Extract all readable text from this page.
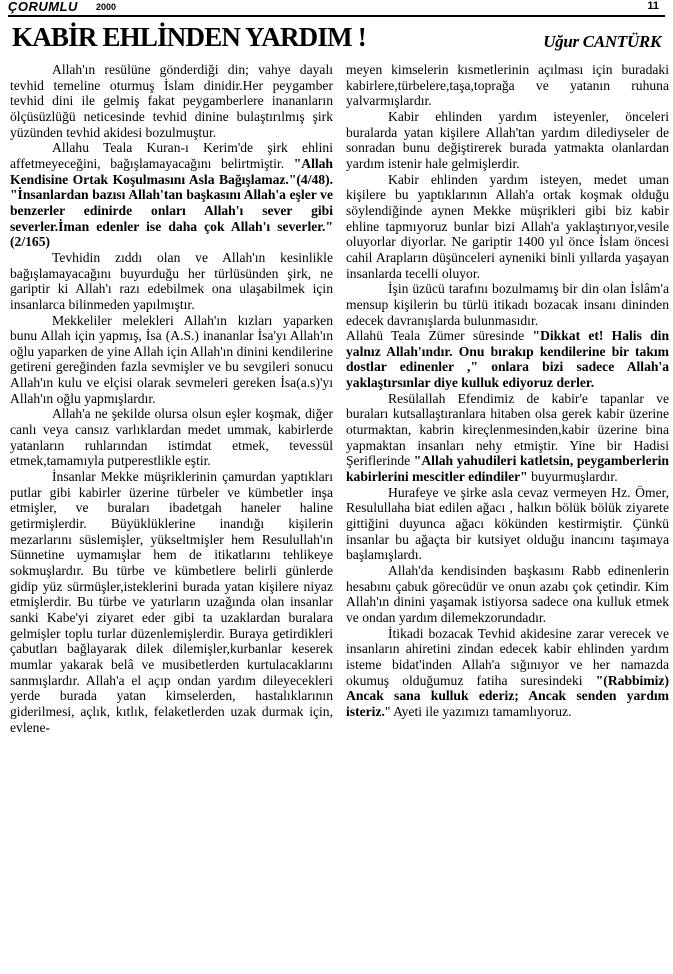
ÇORUMLU 2000	11
KABİR EHLİNDEN YARDIM !	Uğur CANTÜRK

Allah'ın resülüne gönderdiği din; vahye dayalı tevhid temeline oturmuş İslam dinidir.Her peygamber tevhid dini ile gelmiş fakat peygamberlere inananların ölçüsüzlüğü neticesinde tevhid dinine bulaştırılmış şirk yüzünden tevhid akidesi bozulmuştur.

Allahu Teala Kuran-ı Kerim'de şirk ehlini affetmeyeceğini, bağışlamayacağını belirtmiştir. "Allah Kendisine Ortak Koşulmasını Asla Bağışlamaz."(4/48). "İnsanlardan bazısı Allah'tan başkasını Allah'a eşler ve benzerler edinirde onları Allah'ı sever gibi severler.İman edenler ise daha çok Allah'ı severler."(2/165)

Tevhidin zıddı olan ve Allah'ın kesinlikle bağışlamayacağını buyurduğu her türlüsünden şirk, ne gariptir ki Allah'ı razı edebilmek ona ulaşabilmek için insanlarca bilinmeden yapılmıştır.

Mekkeliler melekleri Allah'ın kızları yaparken bunu Allah için yapmış, İsa (A.S.) inananlar İsa'yı Allah'ın oğlu yaparken de yine Allah için Allah'ın dinini kendilerine getireni gereğinden fazla sevmişler ve bu sevgileri sonucu Allah'ın kulu ve elçisi olarak sevmeleri gereken İsa(a.s)'yı Allah'ın oğlu yapmışlardır.

Allah'a ne şekilde olursa olsun eşler koşmak, diğer canlı veya cansız varlıklardan medet ummak, kabirlerde yatanların ruhlarından istimdat etmek, tevessül etmek,tamamıyla putperestlikle eştir.

İnsanlar Mekke müşriklerinin çamurdan yaptıkları putlar gibi kabirler üzerine türbeler ve kümbetler inşa etmişler, ve buraları ibadetgah haneler haline getirmişlerdir. Büyüklüklerine inandığı kişilerin mezarlarını süslemişler, yükseltmişler hem Resulullah'ın Sünnetine uymamışlar hem de itikatlarını tehlikeye sokmuşlardır. Bu türbe ve kümbetlere belirli günlerde gidip yüz sürmüşler,isteklerini burada yatan kişilere niyaz etmişlerdir. Bu türbe ve yatırların uzağında olan insanlar sanki Kabe'yi ziyaret eder gibi ta uzaklardan buralara gelmişler toplu turlar düzenlemişlerdir. Buraya getirdikleri çabutları bağlayarak dilek dilemişler,kurbanlar keserek mumlar yakarak belâ ve musibetlerden kurtulacaklarını sanmışlardır. Allah'a el açıp ondan yardım dileyecekleri yerde burada yatan kimselerden, hastalıklarının giderilmesi, açlık, kıtlık, felaketlerden uzak durmak için, evlene-

meyen kimselerin kısmetlerinin açılması için buradaki kabirlere,türbelere,taşa,toprağa ve yatanın ruhuna yalvarmışlardır.

Kabir ehlinden yardım isteyenler, önceleri buralarda yatan kişilere Allah'tan yardım dilediyseler de sonradan bunu değiştirerek burada yatmakta olanlardan yardım istenir hale gelmişlerdir.

Kabir ehlinden yardım isteyen, medet uman kişilere bu yaptıklarının Allah'a ortak koşmak olduğu söylendiğinde aynen Mekke müşrikleri gibi biz kabir ehline tapmıyoruz bunlar bizi Allah'a yaklaştırıyor,vesile oluyorlar diyorlar. Ne gariptir 1400 yıl önce İslam öncesi cahil Arapların düşünceleri ayneniki binli yıllarda yaşayan insanlarda tecelli oluyor.

İşin üzücü tarafını bozulmamış bir din olan İslâm'a mensup kişilerin bu türlü itikadı bozacak insanı dininden edecek davranışlarda bulunmasıdır.

Allahü Teala Zümer süresinde "Dikkat et! Halis din yalnız Allah'ındır. Onu bırakıp kendilerine bir takım dostlar edinenler ," onlara bizi sadece Allah'a yaklaştırsınlar diye kulluk ediyoruz derler.

Resülallah Efendimiz de kabir'e tapanlar ve buraları kutsallaştıranlara hitaben olsa gerek kabir üzerine oturmaktan, kabrin kireçlenmesinden,kabir üzerine bina yapmaktan insanları nehy etmiştir. Yine bir Hadisi Şeriflerinde "Allah yahudileri katletsin, peygamberlerin kabirlerini mescitler edindiler" buyurmuşlardır.

Hurafeye ve şirke asla cevaz vermeyen Hz. Ömer, Resulullaha biat edilen ağacı , halkın bölük bölük ziyarete gittiğini duyunca ağacı kökünden kestirmiştir. Çünkü insanlar bu ağaçta bir kutsiyet olduğu inancını taşımaya başlamışlardı.

Allah'da kendisinden başkasını Rabb edinenlerin hesabını çabuk görecüdür ve onun azabı çok çetindir. Kim Allah'ın dinini yaşamak istiyorsa sadece ona kulluk etmek ve ondan yardım dilemekzorundadır.

İtikadi bozacak Tevhid akidesine zarar verecek ve insanların ahiretini zindan edecek kabir ehlinden yardım isteme bidat'inden Allah'a sığınıyor ve her namazda okumuş olduğumuz fatiha suresindeki "(Rabbimiz) Ancak sana kulluk ederiz; Ancak senden yardım isteriz." Ayeti ile yazımızı tamamlıyoruz.
